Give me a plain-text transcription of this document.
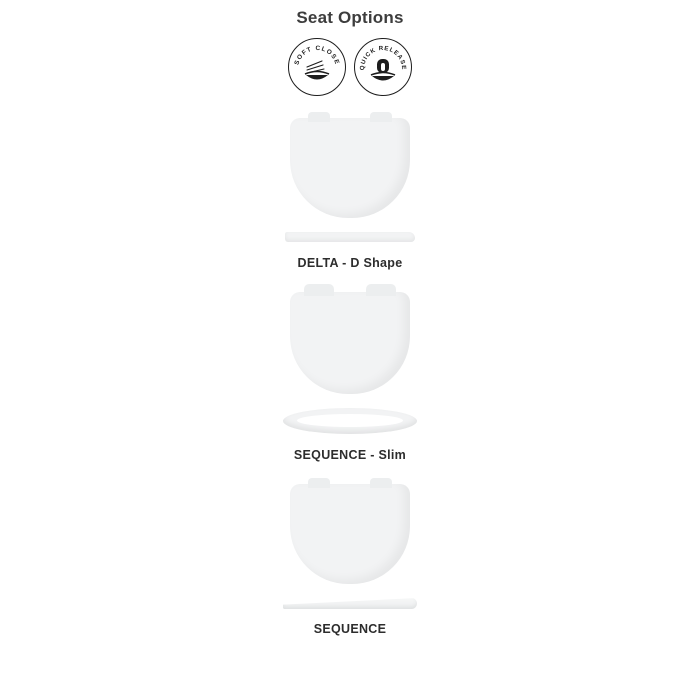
Seat Options
SOFT CLOSE
QUICK RELEASE
DELTA - D Shape
SEQUENCE - Slim
SEQUENCE
